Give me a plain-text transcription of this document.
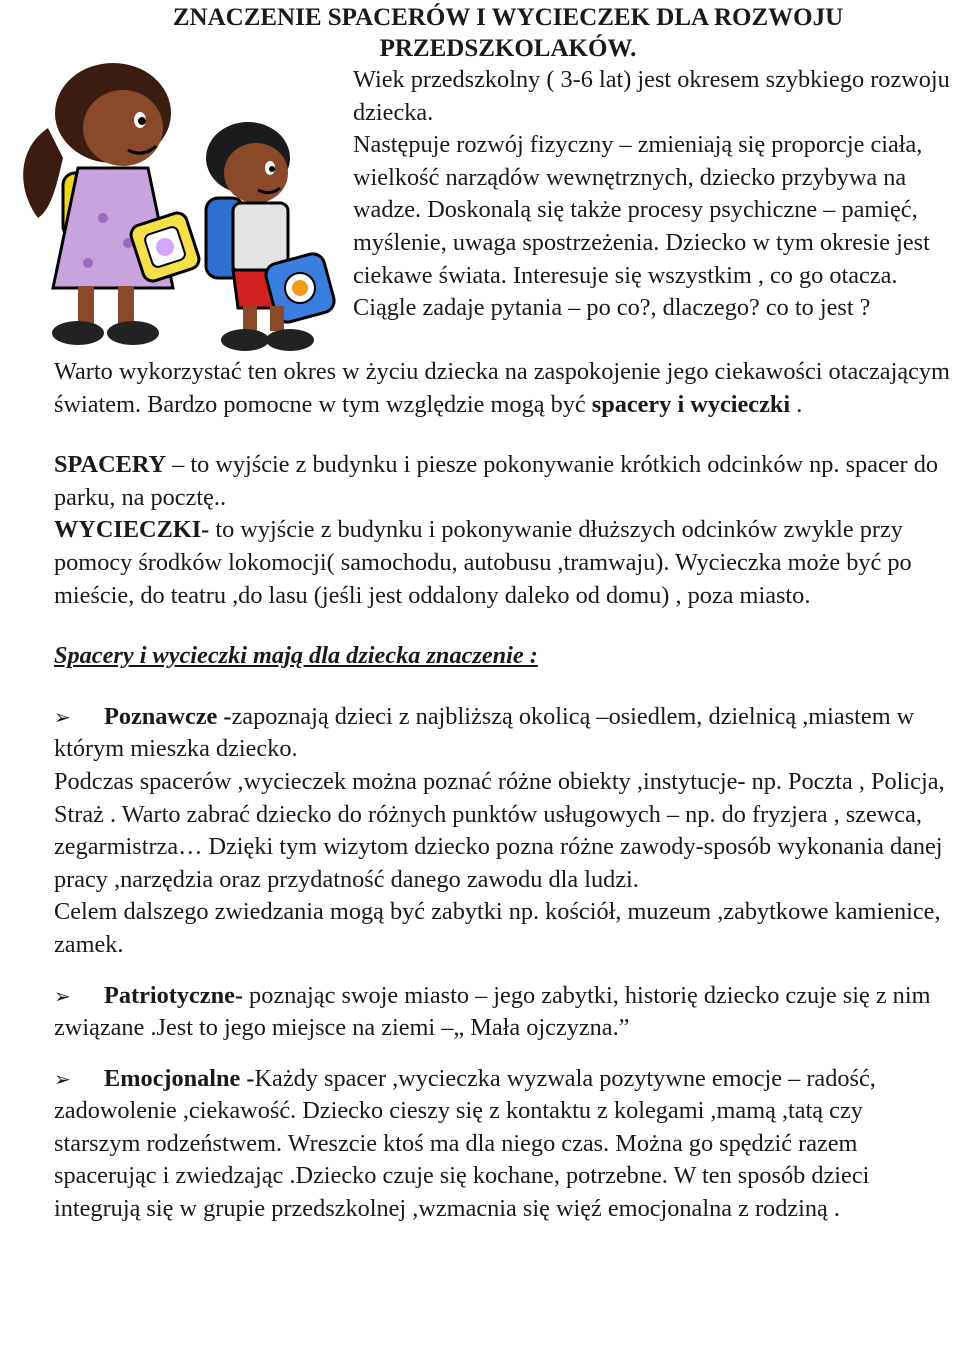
ZNACZENIE SPACERÓW I WYCIECZEK DLA ROZWOJU
PRZEDSZKOLAKÓW.

Wiek przedszkolny ( 3-6 lat) jest okresem szybkiego rozwoju dziecka.

Następuje rozwój fizyczny – zmieniają się proporcje ciała, wielkość narządów wewnętrznych, dziecko przybywa na wadze. Doskonalą się także procesy psychiczne – pamięć, myślenie, uwaga spostrzeżenia. Dziecko w tym okresie jest ciekawe świata. Interesuje się wszystkim , co go otacza. Ciągle zadaje pytania – po co?, dlaczego? co to jest ?

Warto wykorzystać ten okres w życiu dziecka na zaspokojenie jego ciekawości otaczającym światem. Bardzo pomocne w tym względzie mogą być spacery i wycieczki .

SPACERY – to wyjście z budynku i piesze pokonywanie krótkich odcinków np. spacer do parku, na pocztę..

WYCIECZKI- to wyjście z budynku i pokonywanie dłuższych odcinków zwykle przy pomocy środków lokomocji( samochodu, autobusu ,tramwaju). Wycieczka może być po mieście, do teatru ,do lasu (jeśli jest oddalony daleko od domu) , poza miasto.

Spacery i wycieczki mają dla dziecka znaczenie :

➢ Poznawcze -zapoznają dzieci z najbliższą okolicą –osiedlem, dzielnicą ,miastem w którym mieszka dziecko.

Podczas spacerów ,wycieczek można poznać różne obiekty ,instytucje- np. Poczta , Policja, Straż . Warto zabrać dziecko do różnych punktów usługowych – np. do fryzjera , szewca, zegarmistrza… Dzięki tym wizytom dziecko pozna różne zawody-sposób wykonania danej pracy ,narzędzia oraz przydatność danego zawodu dla ludzi.

Celem dalszego zwiedzania mogą być zabytki np. kościół, muzeum ,zabytkowe kamienice, zamek.

➢ Patriotyczne- poznając swoje miasto – jego zabytki, historię dziecko czuje się z nim związane .Jest to jego miejsce na ziemi –„ Mała ojczyzna.”

➢ Emocjonalne -Każdy spacer ,wycieczka wyzwala pozytywne emocje – radość, zadowolenie ,ciekawość. Dziecko cieszy się z kontaktu z kolegami ,mamą ,tatą czy starszym rodzeństwem. Wreszcie ktoś ma dla niego czas. Można go spędzić razem spacerując i zwiedzając .Dziecko czuje się kochane, potrzebne. W ten sposób dzieci integrują się w grupie przedszkolnej ,wzmacnia się więź emocjonalna z rodziną .
